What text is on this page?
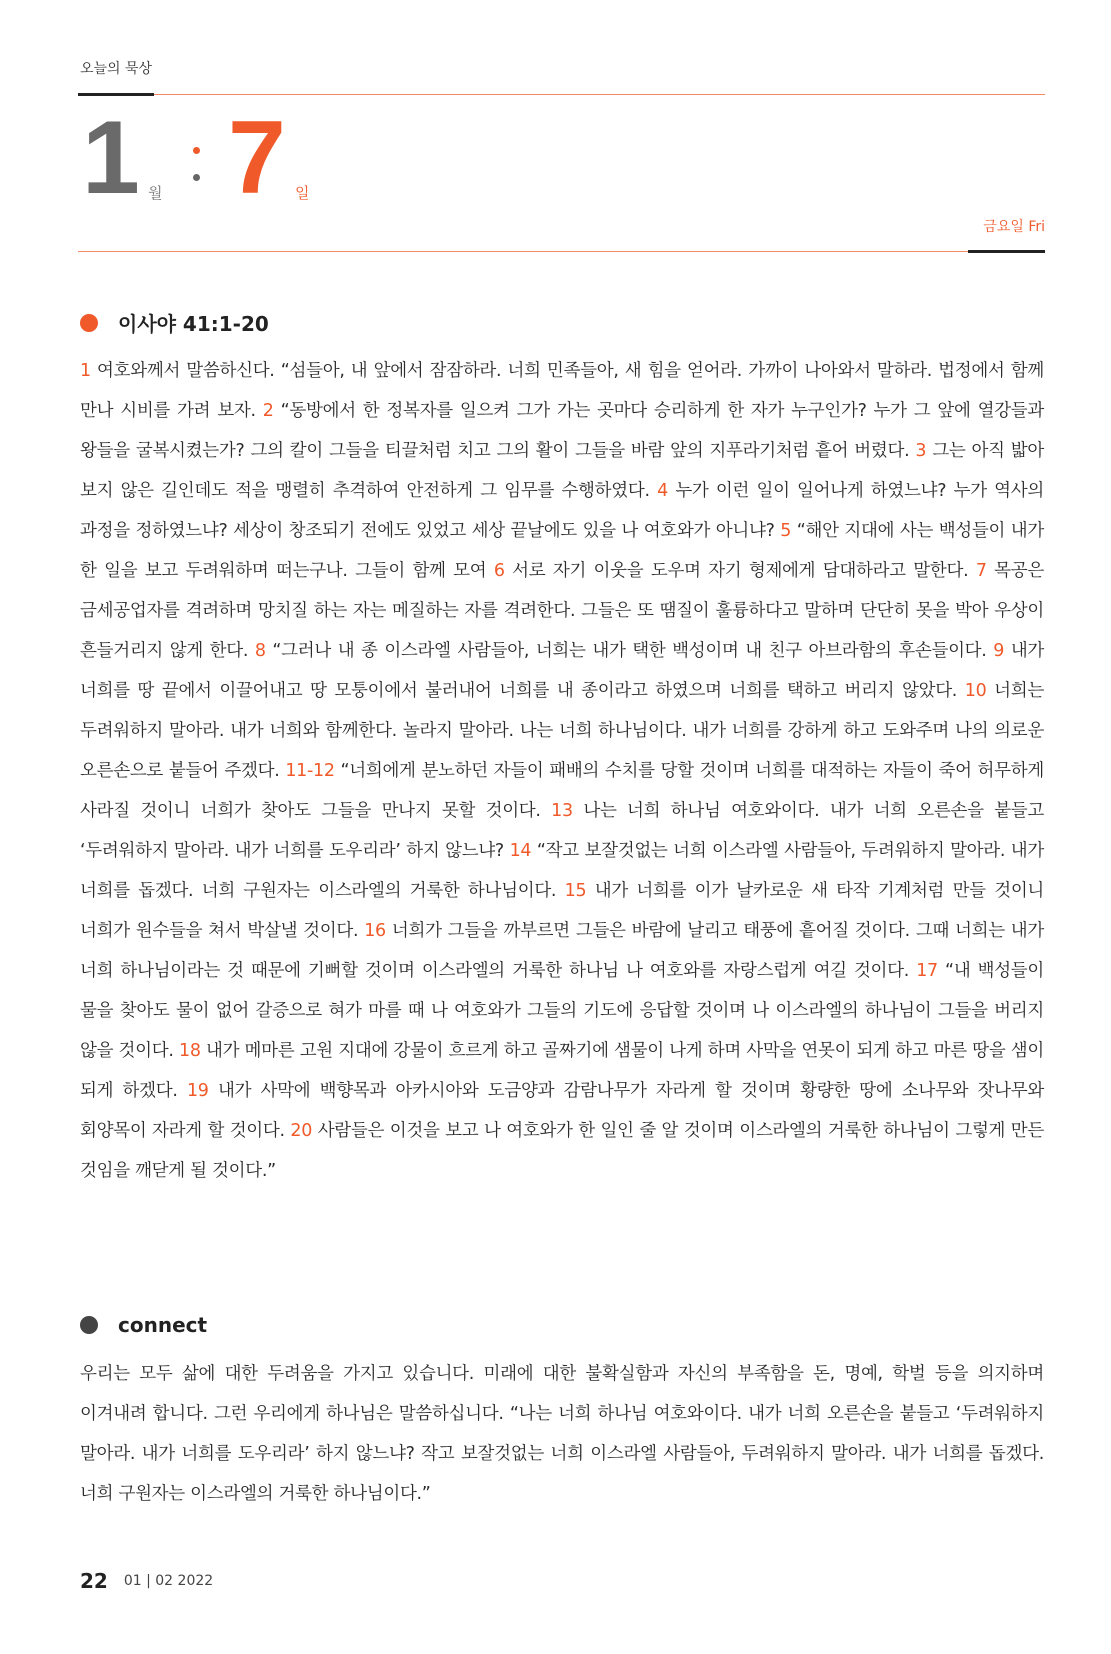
오늘의 묵상
1 월 7 일
금요일 Fri
이사야 41:1-20
1 여호와께서 말씀하신다. “섬들아, 내 앞에서 잠잠하라. 너희 민족들아, 새 힘을 얻어라. 가까이 나아와서 말하라. 법정에서 함께 만나 시비를 가려 보자. 2 “동방에서 한 정복자를 일으켜 그가 가는 곳마다 승리하게 한 자가 누구인가? 누가 그 앞에 열강들과 왕들을 굴복시켰는가? 그의 칼이 그들을 티끌처럼 치고 그의 활이 그들을 바람 앞의 지푸라기처럼 흩어 버렸다. 3 그는 아직 밟아 보지 않은 길인데도 적을 맹렬히 추격하여 안전하게 그 임무를 수행하였다. 4 누가 이런 일이 일어나게 하였느냐? 누가 역사의 과정을 정하였느냐? 세상이 창조되기 전에도 있었고 세상 끝날에도 있을 나 여호와가 아니냐? 5 “해안 지대에 사는 백성들이 내가 한 일을 보고 두려워하며 떠는구나. 그들이 함께 모여 6 서로 자기 이웃을 도우며 자기 형제에게 담대하라고 말한다. 7 목공은 금세공업자를 격려하며 망치질 하는 자는 메질하는 자를 격려한다. 그들은 또 땜질이 훌륭하다고 말하며 단단히 못을 박아 우상이 흔들거리지 않게 한다. 8 “그러나 내 종 이스라엘 사람들아, 너희는 내가 택한 백성이며 내 친구 아브라함의 후손들이다. 9 내가 너희를 땅 끝에서 이끌어내고 땅 모퉁이에서 불러내어 너희를 내 종이라고 하였으며 너희를 택하고 버리지 않았다. 10 너희는 두려워하지 말아라. 내가 너희와 함께한다. 놀라지 말아라. 나는 너희 하나님이다. 내가 너희를 강하게 하고 도와주며 나의 의로운 오른손으로 붙들어 주겠다. 11-12 “너희에게 분노하던 자들이 패배의 수치를 당할 것이며 너희를 대적하는 자들이 죽어 허무하게 사라질 것이니 너희가 찾아도 그들을 만나지 못할 것이다. 13 나는 너희 하나님 여호와이다. 내가 너희 오른손을 붙들고 ‘두려워하지 말아라. 내가 너희를 도우리라’ 하지 않느냐? 14 “작고 보잘것없는 너희 이스라엘 사람들아, 두려워하지 말아라. 내가 너희를 돕겠다. 너희 구원자는 이스라엘의 거룩한 하나님이다. 15 내가 너희를 이가 날카로운 새 타작 기계처럼 만들 것이니 너희가 원수들을 쳐서 박살낼 것이다. 16 너희가 그들을 까부르면 그들은 바람에 날리고 태풍에 흩어질 것이다. 그때 너희는 내가 너희 하나님이라는 것 때문에 기뻐할 것이며 이스라엘의 거룩한 하나님 나 여호와를 자랑스럽게 여길 것이다. 17 “내 백성들이 물을 찾아도 물이 없어 갈증으로 혀가 마를 때 나 여호와가 그들의 기도에 응답할 것이며 나 이스라엘의 하나님이 그들을 버리지 않을 것이다. 18 내가 메마른 고원 지대에 강물이 흐르게 하고 골짜기에 샘물이 나게 하며 사막을 연못이 되게 하고 마른 땅을 샘이 되게 하겠다. 19 내가 사막에 백향목과 아카시아와 도금양과 감람나무가 자라게 할 것이며 황량한 땅에 소나무와 잣나무와 회양목이 자라게 할 것이다. 20 사람들은 이것을 보고 나 여호와가 한 일인 줄 알 것이며 이스라엘의 거룩한 하나님이 그렇게 만든 것임을 깨닫게 될 것이다.”
connect
우리는 모두 삶에 대한 두려움을 가지고 있습니다. 미래에 대한 불확실함과 자신의 부족함을 돈, 명예, 학벌 등을 의지하며 이겨내려 합니다. 그런 우리에게 하나님은 말씀하십니다. “나는 너희 하나님 여호와이다. 내가 너희 오른손을 붙들고 ‘두려워하지 말아라. 내가 너희를 도우리라’ 하지 않느냐? 작고 보잘것없는 너희 이스라엘 사람들아, 두려워하지 말아라. 내가 너희를 돕겠다. 너희 구원자는 이스라엘의 거룩한 하나님이다.”
22 01 | 02 2022
